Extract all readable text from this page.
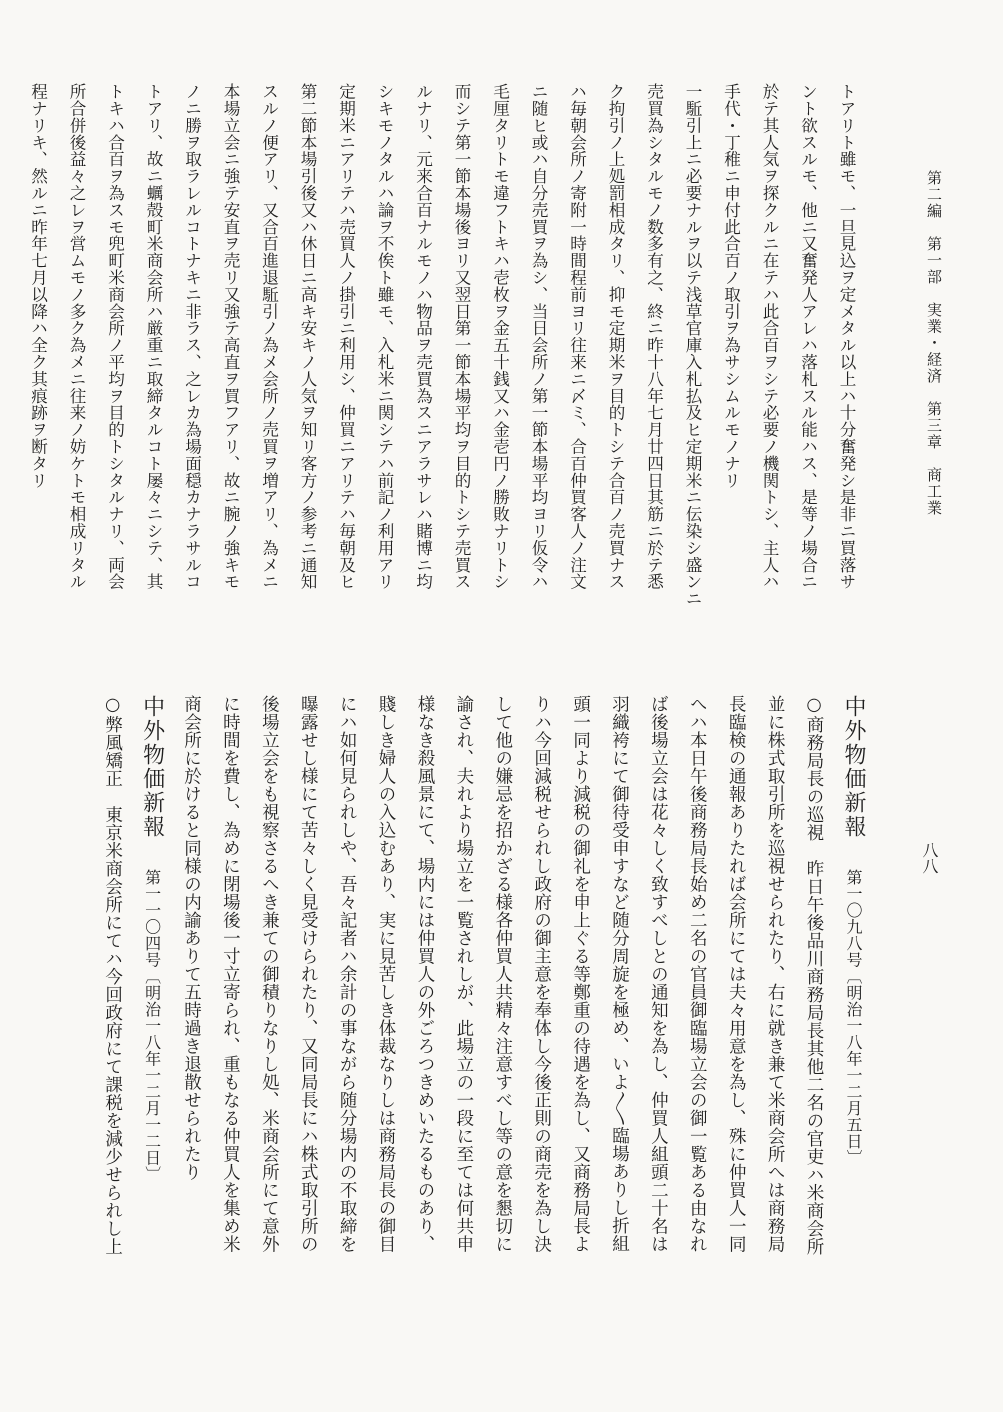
第二編　第一部　実業・経済　第三章　商工業
八八
トアリト雖モ、一旦見込ヲ定メタル以上ハ十分奮発シ是非ニ買落サ
ント欲スルモ、他ニ又奮発人アレハ落札スル能ハス、是等ノ場合ニ
於テ其人気ヲ探クルニ在テハ此合百ヲシテ必要ノ機関トシ、主人ハ
手代・丁稚ニ申付此合百ノ取引ヲ為サシムルモノナリ
一駈引上ニ必要ナルヲ以テ浅草官庫入札払及ヒ定期米ニ伝染シ盛ンニ
売買為シタルモノ数多有之、終ニ昨十八年七月廿四日其筋ニ於テ悉
ク拘引ノ上処罰相成タリ、抑モ定期米ヲ目的トシテ合百ノ売買ナス
ハ毎朝会所ノ寄附一時間程前ヨリ往来ニ〆ミ、合百仲買客人ノ注文
ニ随ヒ或ハ自分売買ヲ為シ、当日会所ノ第一節本場平均ヨリ仮令ハ
毛厘タリトモ違フトキハ壱枚ヲ金五十銭又ハ金壱円ノ勝敗ナリトシ
而シテ第一節本場後ヨリ又翌日第一節本場平均ヲ目的トシテ売買ス
ルナリ、元来合百ナルモノハ物品ヲ売買為スニアラサレハ賭博ニ均
シキモノタルハ論ヲ不俟ト雖モ、入札米ニ関シテハ前記ノ利用アリ
定期米ニアリテハ売買人ノ掛引ニ利用シ、仲買ニアリテハ毎朝及ヒ
第二節本場引後又ハ休日ニ高キ安キノ人気ヲ知リ客方ノ参考ニ通知
スルノ便アリ、又合百進退駈引ノ為メ会所ノ売買ヲ増アリ、為メニ
本場立会ニ強テ安直ヲ売リ又強テ高直ヲ買フアリ、故ニ腕ノ強キモ
ノニ勝ヲ取ラレルコトナキニ非ラス、之レカ為場面穏カナラサルコ
トアリ、故ニ蠣殻町米商会所ハ厳重ニ取締タルコト屡々ニシテ、其
トキハ合百ヲ為スモ兜町米商会所ノ平均ヲ目的トシタルナリ、両会
所合併後益々之レヲ営ムモノ多ク為メニ往来ノ妨ケトモ相成リタル
程ナリキ、然ルニ昨年七月以降ハ全ク其痕跡ヲ断タリ
中外物価新報第一〇九八号〔明治一八年一二月五日〕
○商務局長の巡視　昨日午後品川商務局長其他二名の官吏ハ米商会所
並に株式取引所を巡視せられたり、右に就き兼て米商会所へは商務局
長臨検の通報ありたれば会所にては夫々用意を為し、殊に仲買人一同
へハ本日午後商務局長始め二名の官員御臨場立会の御一覧ある由なれ
ば後場立会は花々しく致すべしとの通知を為し、仲買人組頭二十名は
羽織袴にて御待受申すなど随分周旋を極め、いよ〳〵臨場ありし折組
頭一同より減税の御礼を申上ぐる等鄭重の待遇を為し、又商務局長よ
りハ今回減税せられし政府の御主意を奉体し今後正則の商売を為し決
して他の嫌忌を招かざる様各仲買人共精々注意すべし等の意を懇切に
諭され、夫れより場立を一覧されしが、此場立の一段に至ては何共申
様なき殺風景にて、場内には仲買人の外ごろつきめいたるものあり、
賤しき婦人の入込むあり、実に見苦しき体裁なりしは商務局長の御目
にハ如何見られしや、吾々記者ハ余計の事ながら随分場内の不取締を
曝露せし様にて苦々しく見受けられたり、又同局長にハ株式取引所の
後場立会をも視察さるへき兼ての御積りなりし処、米商会所にて意外
に時間を費し、為めに閉場後一寸立寄られ、重もなる仲買人を集め米
商会所に於けると同様の内諭ありて五時過き退散せられたり
中外物価新報第一一〇四号〔明治一八年一二月一二日〕
○弊風矯正　東京米商会所にてハ今回政府にて課税を減少せられし上
